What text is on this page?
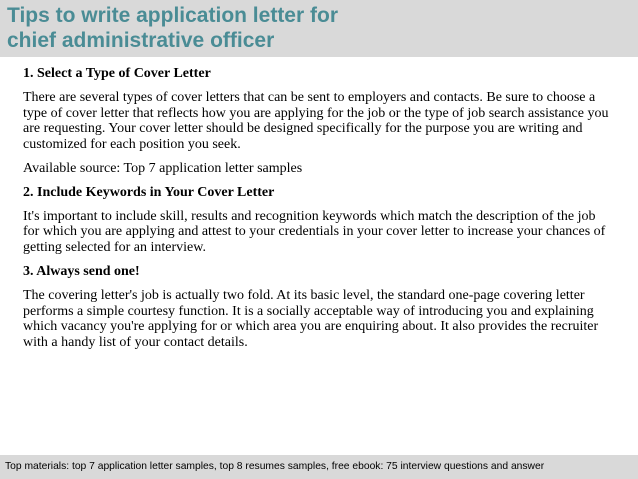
Tips to write application letter for
chief administrative officer

1. Select a Type of Cover Letter

There are several types of cover letters that can be sent to employers and contacts. Be sure to choose a type of cover letter that reflects how you are applying for the job or the type of job search assistance you are requesting. Your cover letter should be designed specifically for the purpose you are writing and customized for each position you seek.

Available source: Top 7 application letter samples

2. Include Keywords in Your Cover Letter

It's important to include skill, results and recognition keywords which match the description of the job for which you are applying and attest to your credentials in your cover letter to increase your chances of getting selected for an interview.

3. Always send one!

The covering letter's job is actually two fold. At its basic level, the standard one-page covering letter performs a simple courtesy function. It is a socially acceptable way of introducing you and explaining which vacancy you're applying for or which area you are enquiring about. It also provides the recruiter with a handy list of your contact details.

Top materials: top 7 application letter samples, top 8 resumes samples, free ebook: 75 interview questions and answer
